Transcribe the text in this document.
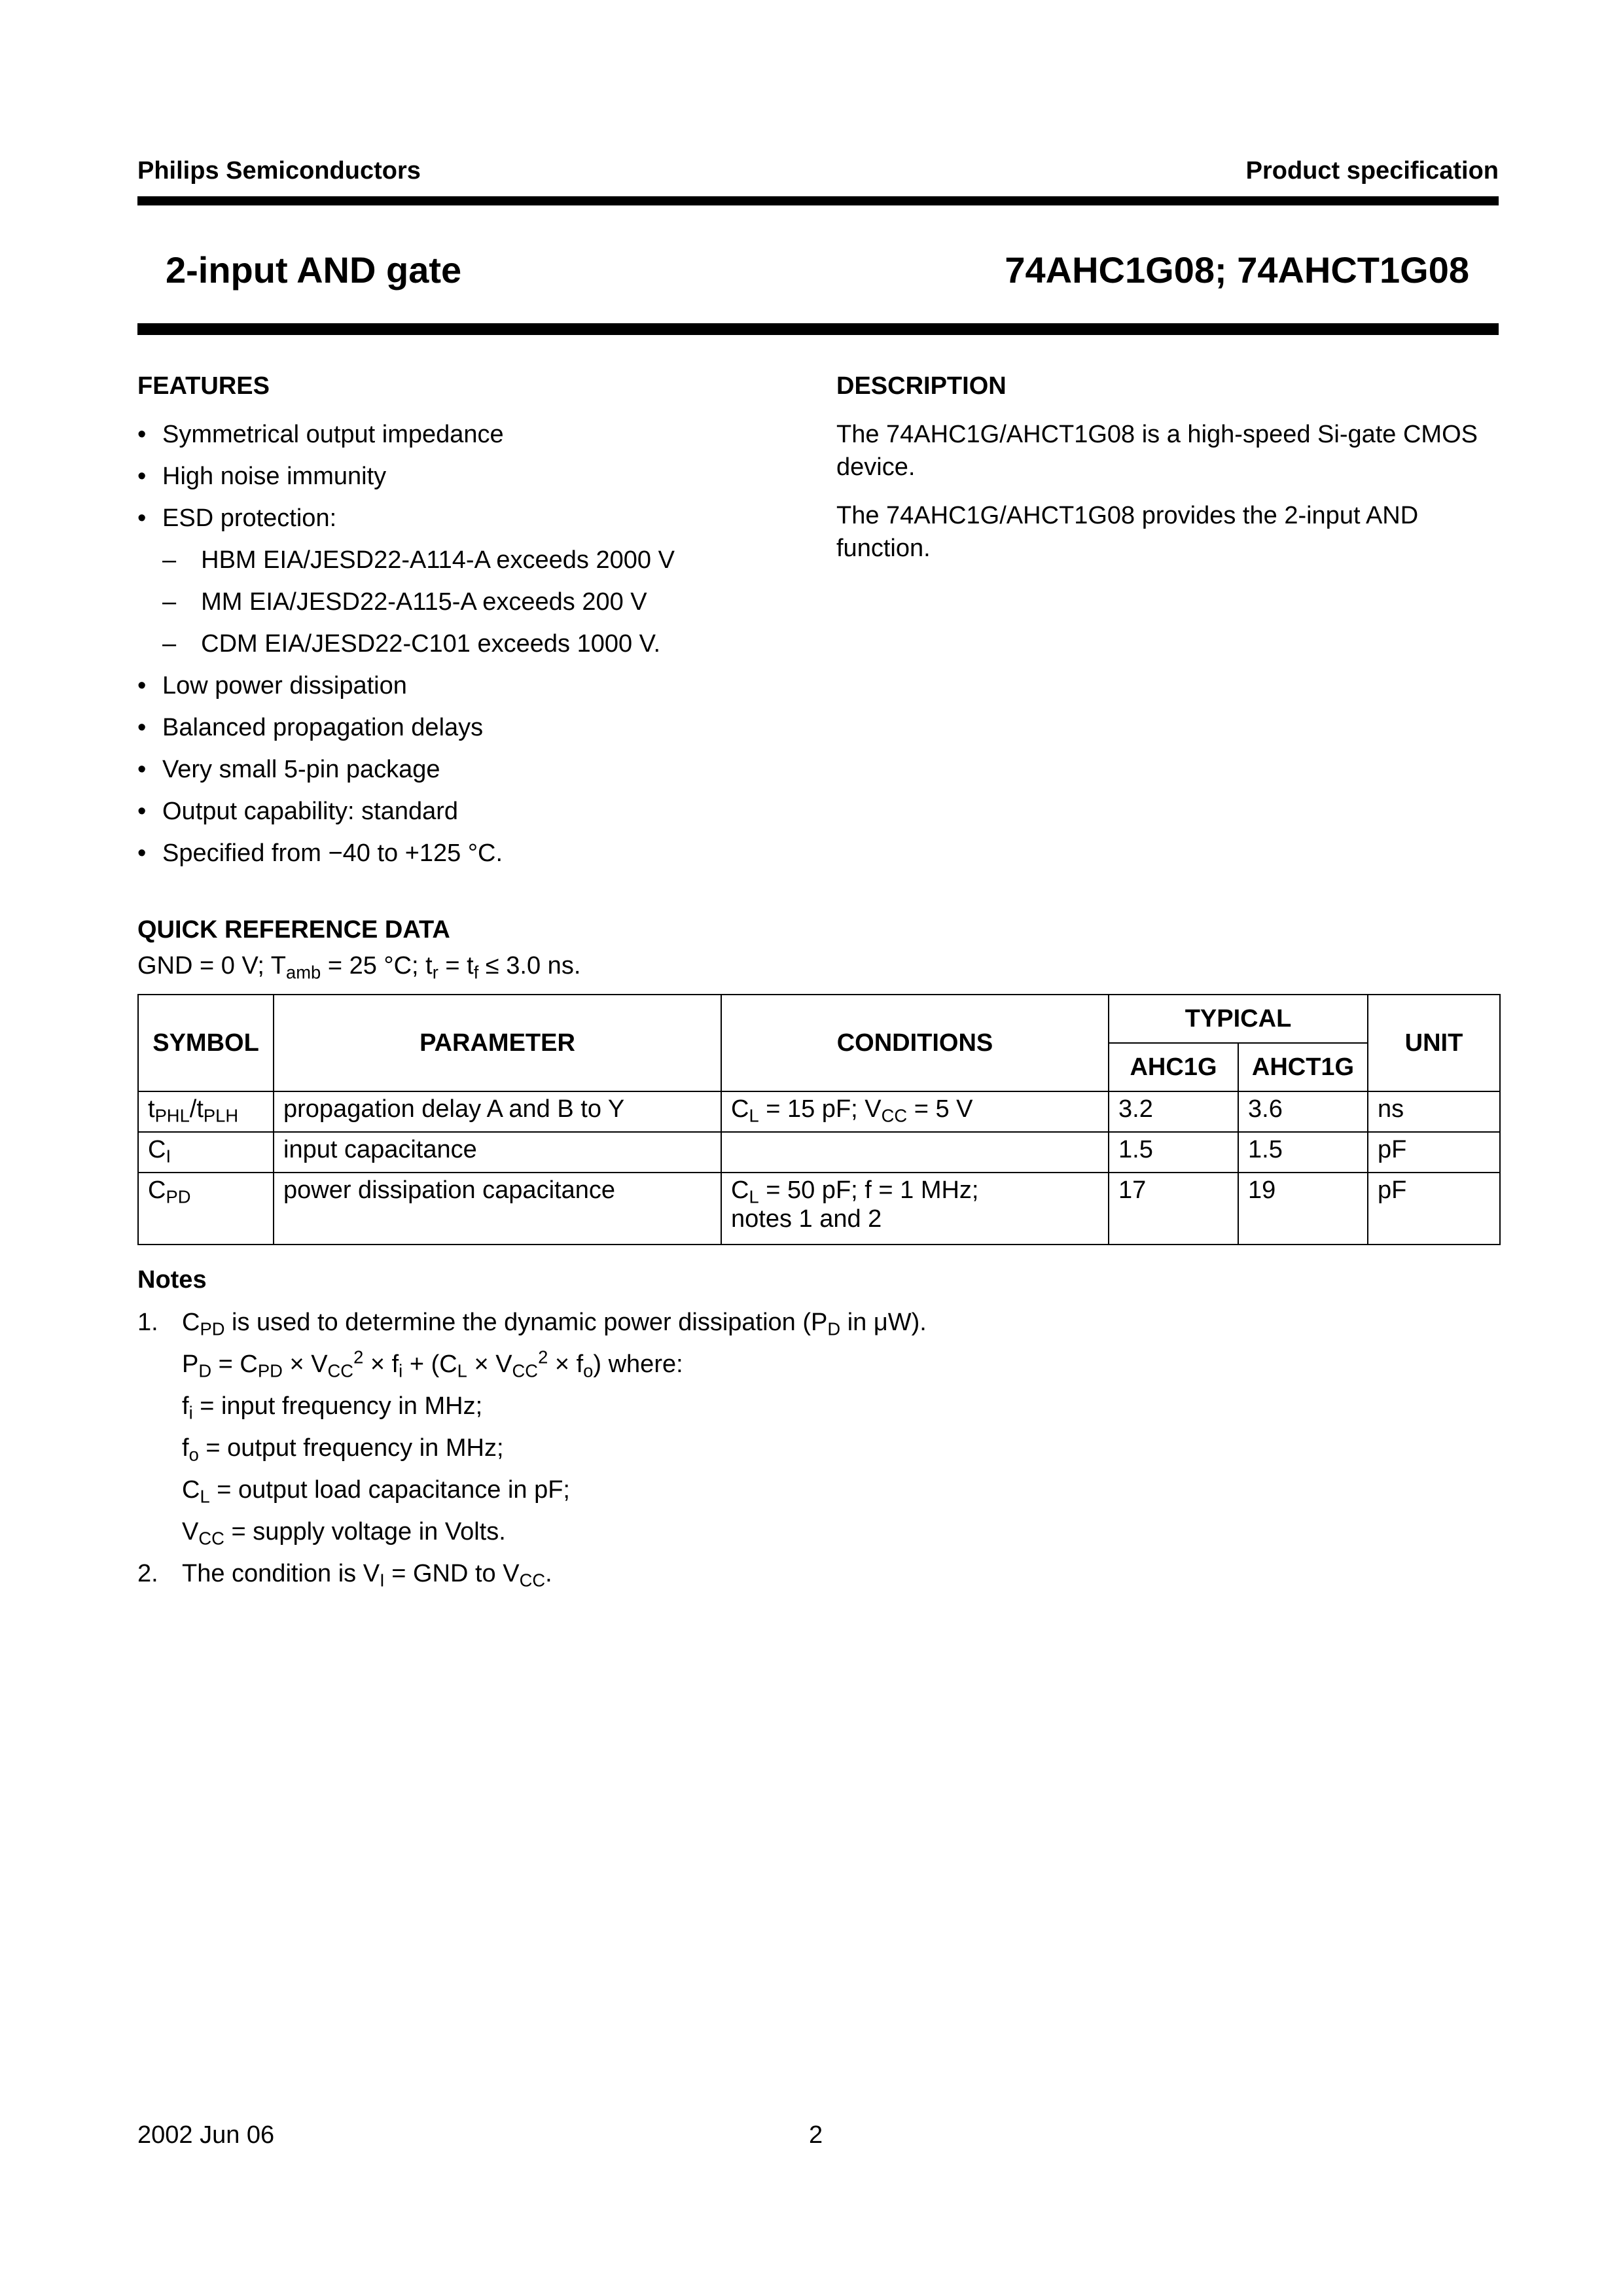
Philips Semiconductors	Product specification
2-input AND gate	74AHC1G08; 74AHCT1G08
FEATURES
• Symmetrical output impedance
• High noise immunity
• ESD protection:
– HBM EIA/JESD22-A114-A exceeds 2000 V
– MM EIA/JESD22-A115-A exceeds 200 V
– CDM EIA/JESD22-C101 exceeds 1000 V.
• Low power dissipation
• Balanced propagation delays
• Very small 5-pin package
• Output capability: standard
• Specified from −40 to +125 °C.
DESCRIPTION
The 74AHC1G/AHCT1G08 is a high-speed Si-gate CMOS device.
The 74AHC1G/AHCT1G08 provides the 2-input AND function.
QUICK REFERENCE DATA
GND = 0 V; $T_{amb} = 25$ °C; $t_r = t_f \le 3.0$ ns.
SYMBOL	PARAMETER	CONDITIONS	TYPICAL		UNIT
			AHC1G	AHCT1G	
$t_{PHL}/t_{PLH}$	propagation delay A and B to Y	$C_L = 15$ pF; $V_{CC} = 5$ V	3.2	3.6	ns
$C_I$	input capacitance		1.5	1.5	pF
$C_{PD}$	power dissipation capacitance	$C_L = 50$ pF; f = 1 MHz;
notes 1 and 2	17	19	pF
Notes
1. $C_{PD}$ is used to determine the dynamic power dissipation ($P_D$ in μW).
$P_D = C_{PD} \times V_{CC}^2 \times f_i + (C_L \times V_{CC}^2 \times f_o)$ where:
$f_i$ = input frequency in MHz;
$f_o$ = output frequency in MHz;
$C_L$ = output load capacitance in pF;
$V_{CC}$ = supply voltage in Volts.
2. The condition is $V_I$ = GND to $V_{CC}$.
2002 Jun 06	2
